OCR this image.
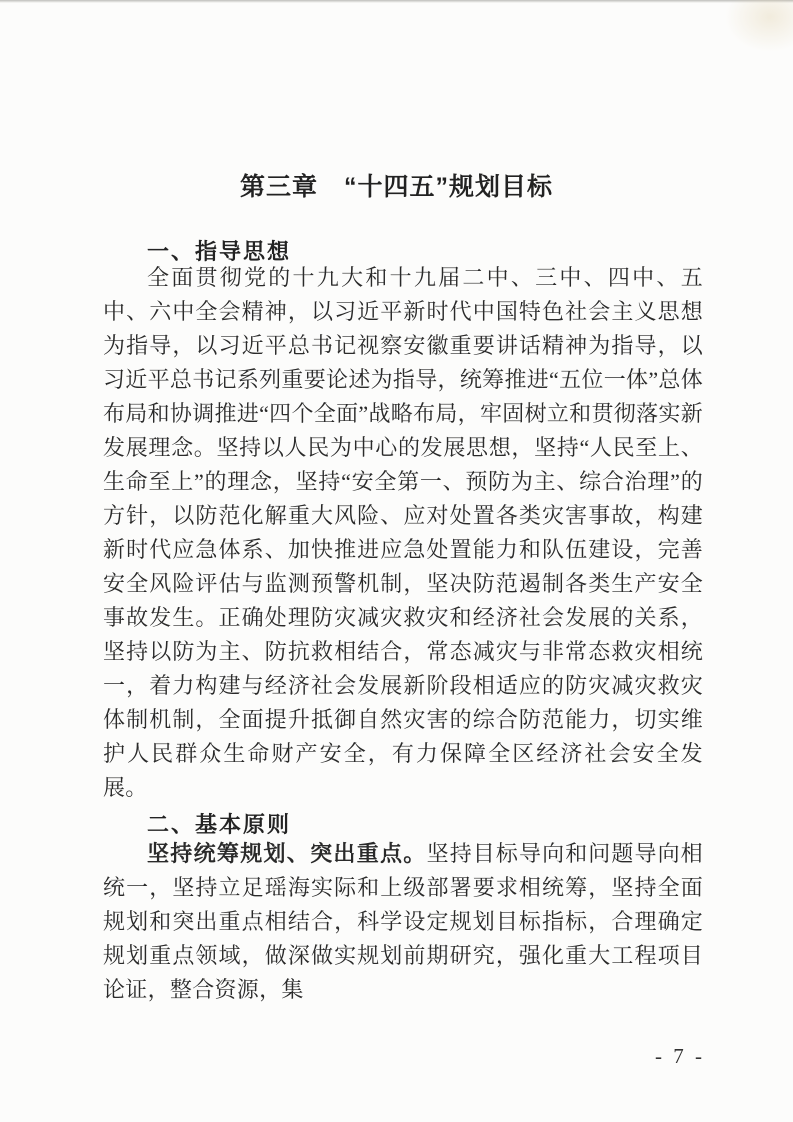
第三章　“十四五”规划目标
一、指导思想

全面贯彻党的十九大和十九届二中、三中、四中、五中、六中全会精神，以习近平新时代中国特色社会主义思想为指导，以习近平总书记视察安徽重要讲话精神为指导，以习近平总书记系列重要论述为指导，统筹推进“五位一体”总体布局和协调推进“四个全面”战略布局，牢固树立和贯彻落实新发展理念。坚持以人民为中心的发展思想，坚持“人民至上、生命至上”的理念，坚持“安全第一、预防为主、综合治理”的方针，以防范化解重大风险、应对处置各类灾害事故，构建新时代应急体系、加快推进应急处置能力和队伍建设，完善安全风险评估与监测预警机制，坚决防范遏制各类生产安全事故发生。正确处理防灾减灾救灾和经济社会发展的关系，坚持以防为主、防抗救相结合，常态减灾与非常态救灾相统一，着力构建与经济社会发展新阶段相适应的防灾减灾救灾体制机制，全面提升抵御自然灾害的综合防范能力，切实维护人民群众生命财产安全，有力保障全区经济社会安全发展。

二、基本原则

坚持统筹规划、突出重点。坚持目标导向和问题导向相统一，坚持立足瑶海实际和上级部署要求相统筹，坚持全面规划和突出重点相结合，科学设定规划目标指标，合理确定规划重点领域，做深做实规划前期研究，强化重大工程项目论证，整合资源，集

- 7 -
